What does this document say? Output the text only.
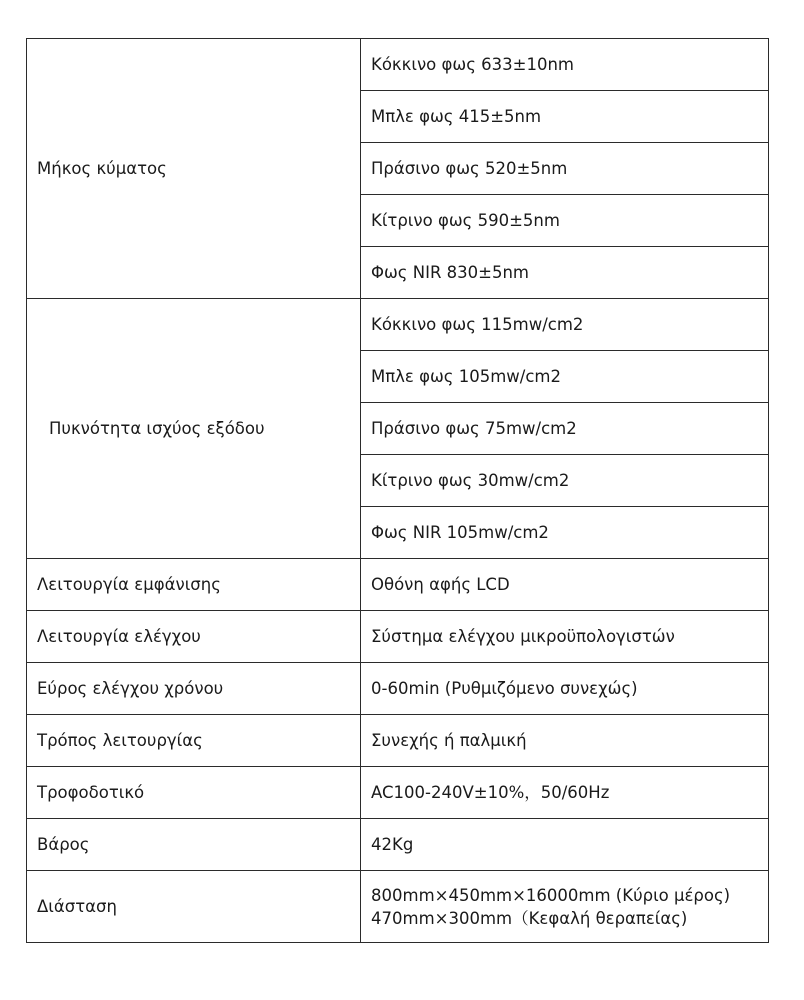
Μήκος κύματος	Κόκκινο φως 633±10nm
	Μπλε φως 415±5nm
	Πράσινο φως 520±5nm
	Κίτρινο φως 590±5nm
	Φως NIR 830±5nm
Πυκνότητα ισχύος εξόδου	Κόκκινο φως 115mw/cm2
	Μπλε φως 105mw/cm2
	Πράσινο φως 75mw/cm2
	Κίτρινο φως 30mw/cm2
	Φως NIR 105mw/cm2
Λειτουργία εμφάνισης	Οθόνη αφής LCD
Λειτουργία ελέγχου	Σύστημα ελέγχου μικροϋπολογιστών
Εύρος ελέγχου χρόνου	0-60min (Ρυθμιζόμενο συνεχώς)
Τρόπος λειτουργίας	Συνεχής ή παλμική
Τροφοδοτικό	AC100-240V±10%，50/60Hz
Βάρος	42Kg
Διάσταση	800mm×450mm×16000mm (Κύριο μέρος)
470mm×300mm（Κεφαλή θεραπείας)
